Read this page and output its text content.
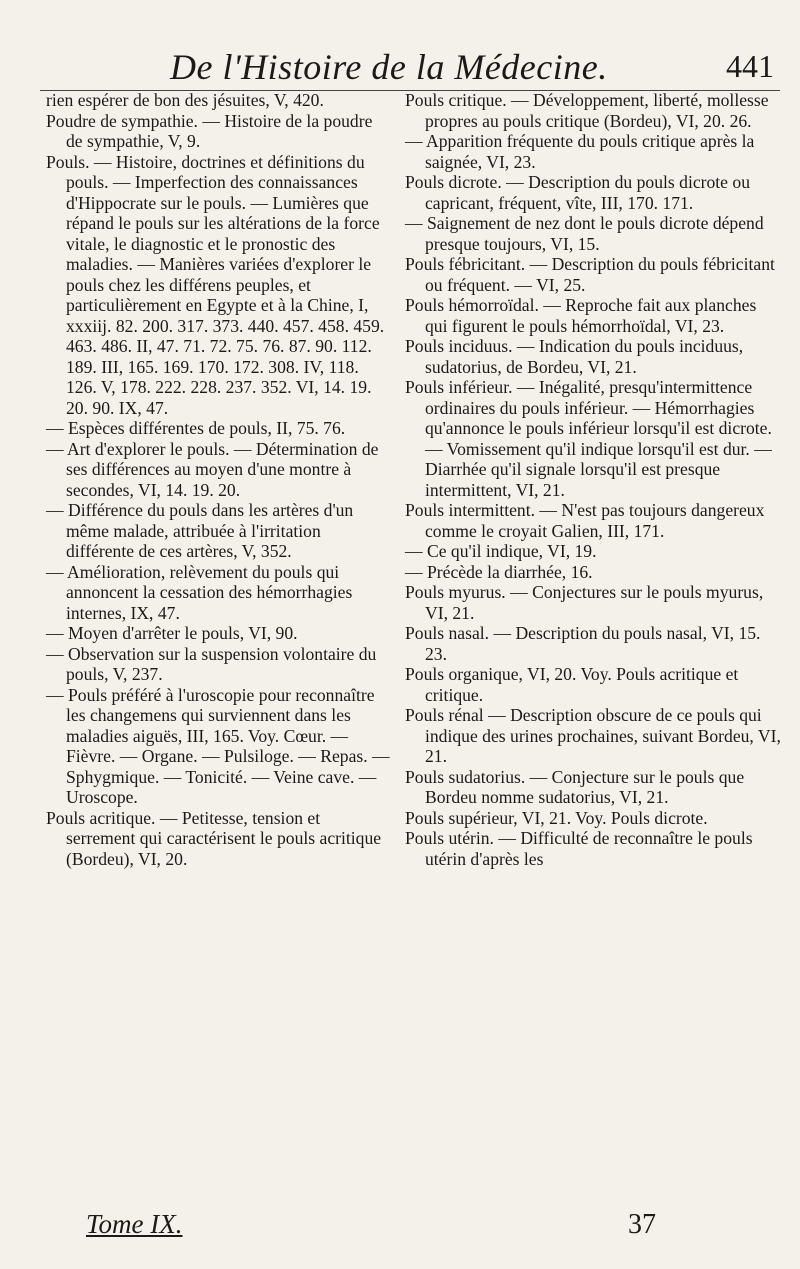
De l'Histoire de la Médecine.	441

rien espérer de bon des jésuites, V, 420.

Poudre de sympathie. — Histoire de la poudre de sympathie, V, 9.

Pouls. — Histoire, doctrines et définitions du pouls. — Imperfection des connaissances d'Hippocrate sur le pouls. — Lumières que répand le pouls sur les altérations de la force vitale, le diagnostic et le pronostic des maladies. — Manières variées d'explorer le pouls chez les différens peuples, et particulièrement en Egypte et à la Chine, I, xxxiij. 82. 200. 317. 373. 440. 457. 458. 459. 463. 486. II, 47. 71. 72. 75. 76. 87. 90. 112. 189. III, 165. 169. 170. 172. 308. IV, 118. 126. V, 178. 222. 228. 237. 352. VI, 14. 19. 20. 90. IX, 47.

— Espèces différentes de pouls, II, 75. 76.

— Art d'explorer le pouls. — Détermination de ses différences au moyen d'une montre à secondes, VI, 14. 19. 20.

— Différence du pouls dans les artères d'un même malade, attribuée à l'irritation différente de ces artères, V, 352.

— Amélioration, relèvement du pouls qui annoncent la cessation des hémorrhagies internes, IX, 47.

— Moyen d'arrêter le pouls, VI, 90.

— Observation sur la suspension volontaire du pouls, V, 237.

— Pouls préféré à l'uroscopie pour reconnaître les changemens qui surviennent dans les maladies aiguës, III, 165. Voy. Cœur. — Fièvre. — Organe. — Pulsiloge. — Repas. — Sphygmique. — Tonicité. — Veine cave. — Uroscope.

Pouls acritique. — Petitesse, tension et serrement qui caractérisent le pouls acritique (Bordeu), VI, 20.

Pouls critique. — Développement, liberté, mollesse propres au pouls critique (Bordeu), VI, 20. 26.

— Apparition fréquente du pouls critique après la saignée, VI, 23.

Pouls dicrote. — Description du pouls dicrote ou capricant, fréquent, vîte, III, 170. 171.

— Saignement de nez dont le pouls dicrote dépend presque toujours, VI, 15.

Pouls fébricitant. — Description du pouls fébricitant ou fréquent. — VI, 25.

Pouls hémorroïdal. — Reproche fait aux planches qui figurent le pouls hémorrhoïdal, VI, 23.

Pouls inciduus. — Indication du pouls inciduus, sudatorius, de Bordeu, VI, 21.

Pouls inférieur. — Inégalité, presqu'intermittence ordinaires du pouls inférieur. — Hémorrhagies qu'annonce le pouls inférieur lorsqu'il est dicrote. — Vomissement qu'il indique lorsqu'il est dur. — Diarrhée qu'il signale lorsqu'il est presque intermittent, VI, 21.

Pouls intermittent. — N'est pas toujours dangereux comme le croyait Galien, III, 171.

— Ce qu'il indique, VI, 19.

— Précède la diarrhée, 16.

Pouls myurus. — Conjectures sur le pouls myurus, VI, 21.

Pouls nasal. — Description du pouls nasal, VI, 15. 23.

Pouls organique, VI, 20. Voy. Pouls acritique et critique.

Pouls rénal — Description obscure de ce pouls qui indique des urines prochaines, suivant Bordeu, VI, 21.

Pouls sudatorius. — Conjecture sur le pouls que Bordeu nomme sudatorius, VI, 21.

Pouls supérieur, VI, 21. Voy. Pouls dicrote.

Pouls utérin. — Difficulté de reconnaître le pouls utérin d'après les

Tome IX.	37
